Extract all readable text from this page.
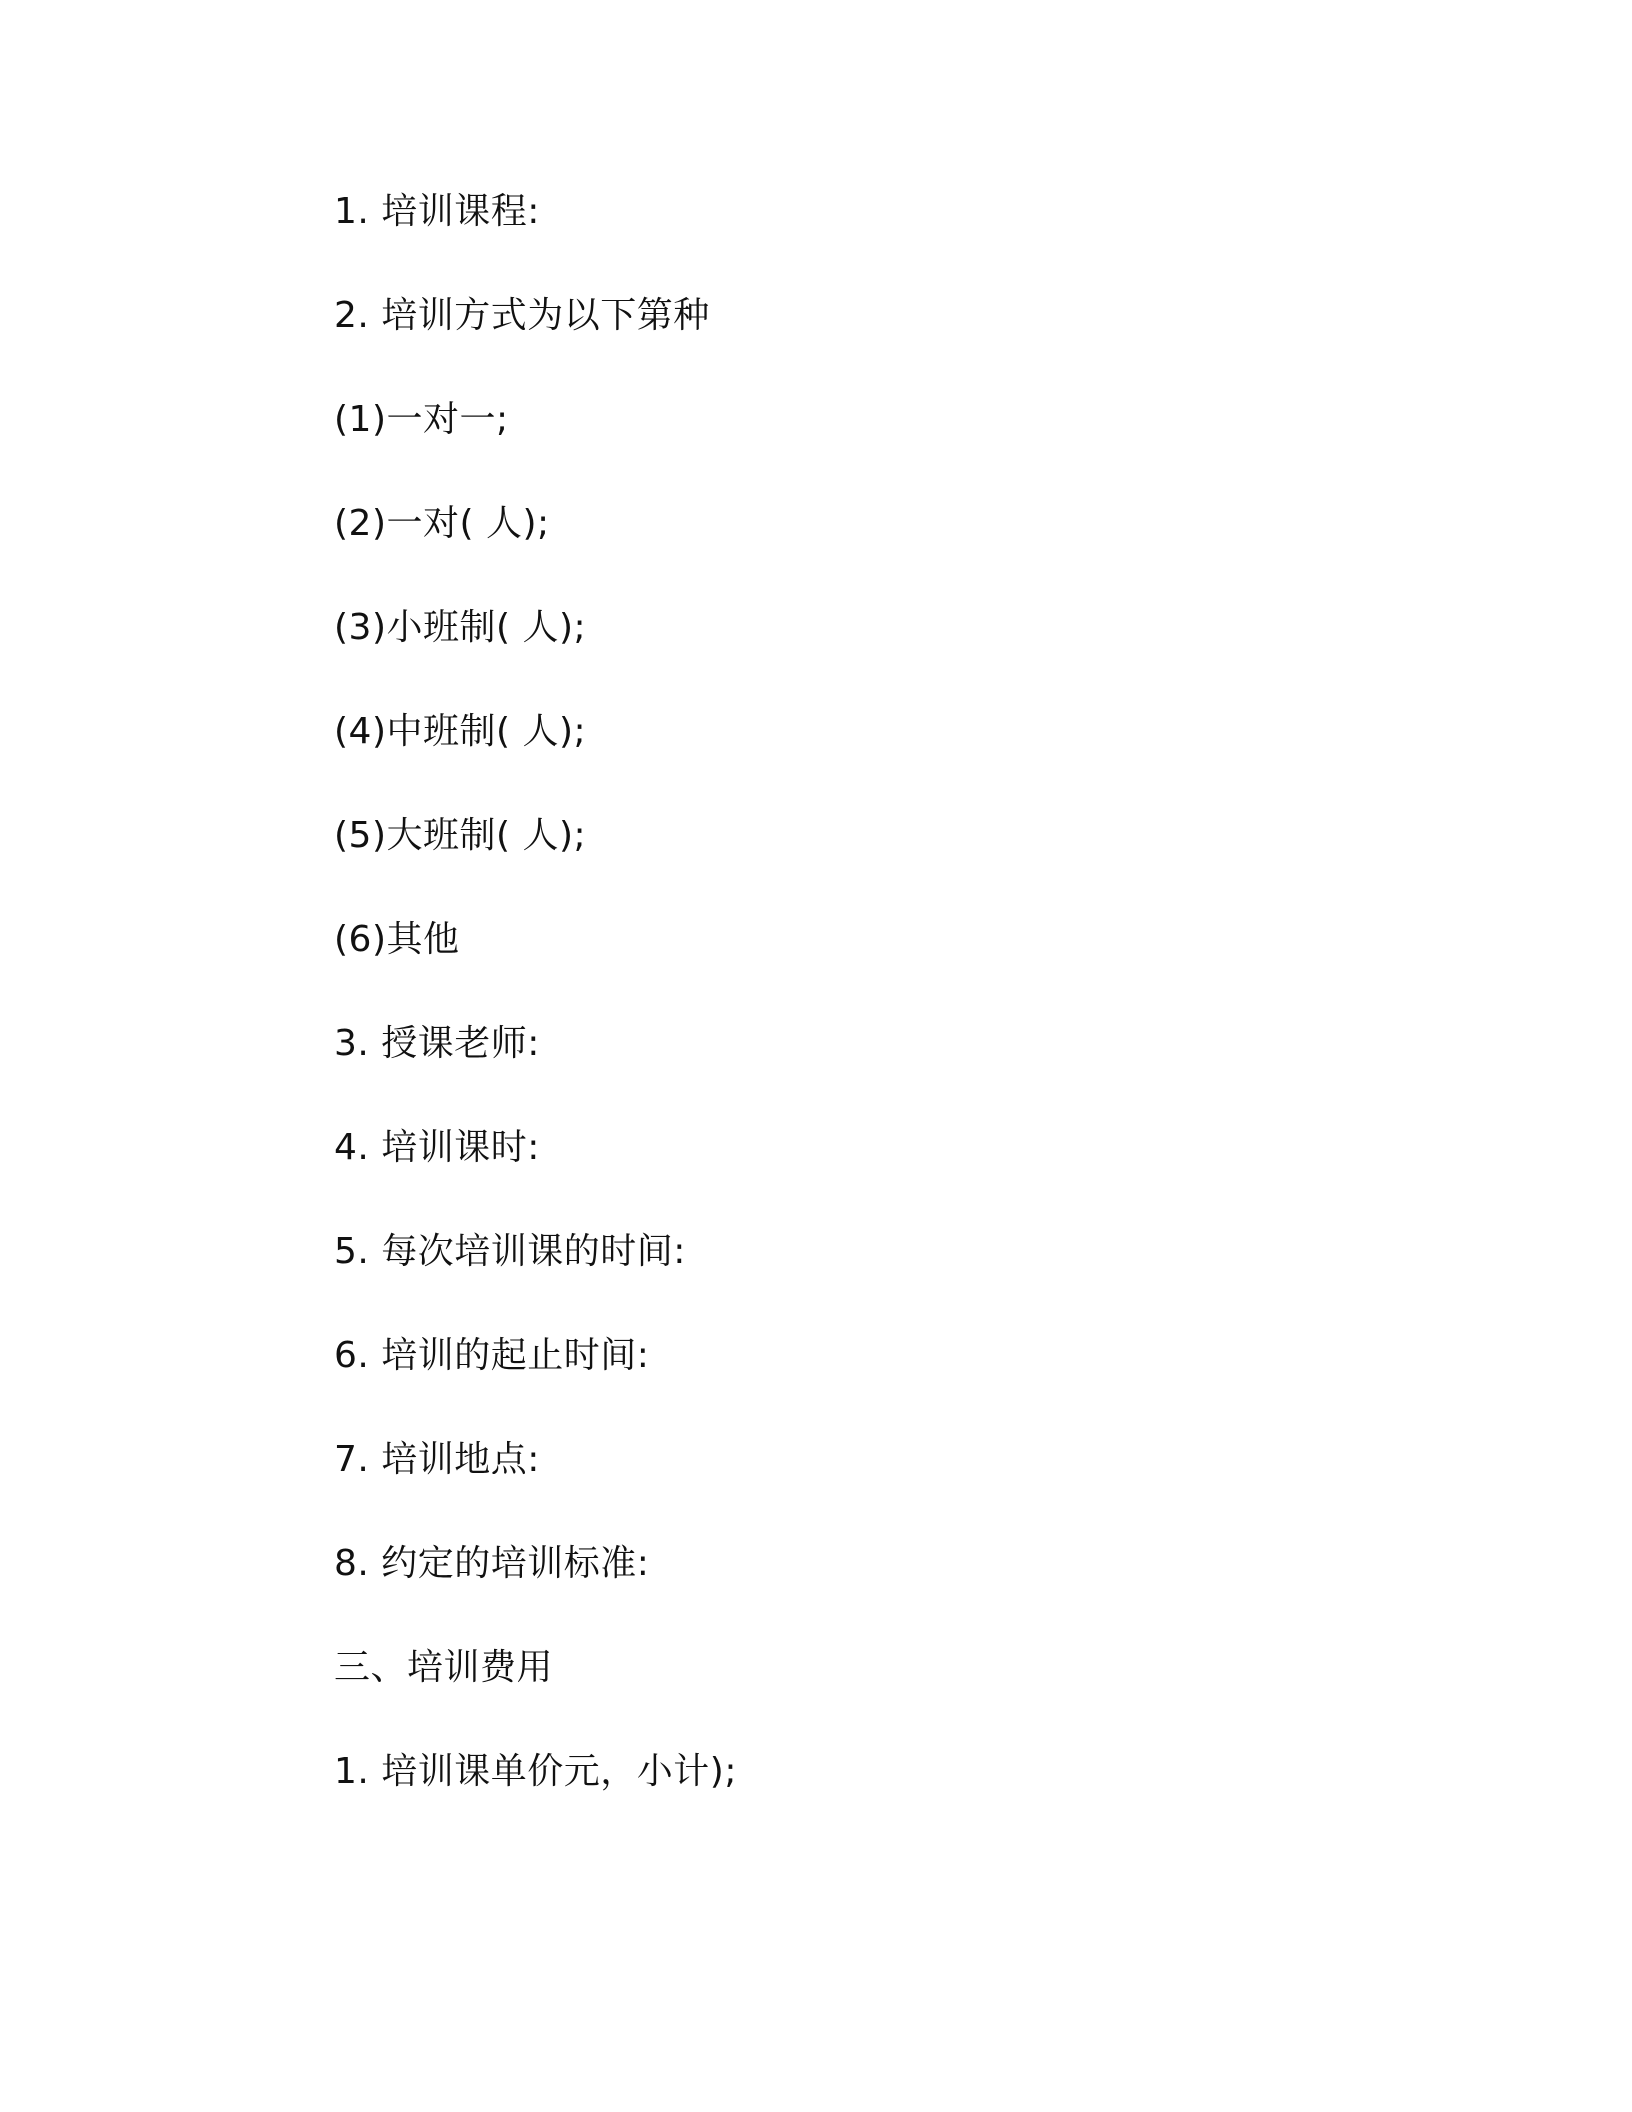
1. 培训课程:

2. 培训方式为以下第种

(1)一对一;

(2)一对( 人);

(3)小班制( 人);

(4)中班制( 人);

(5)大班制( 人);

(6)其他

3. 授课老师:

4. 培训课时:

5. 每次培训课的时间:

6. 培训的起止时间:

7. 培训地点:

8. 约定的培训标准:

三、培训费用

1. 培训课单价元，小计);
